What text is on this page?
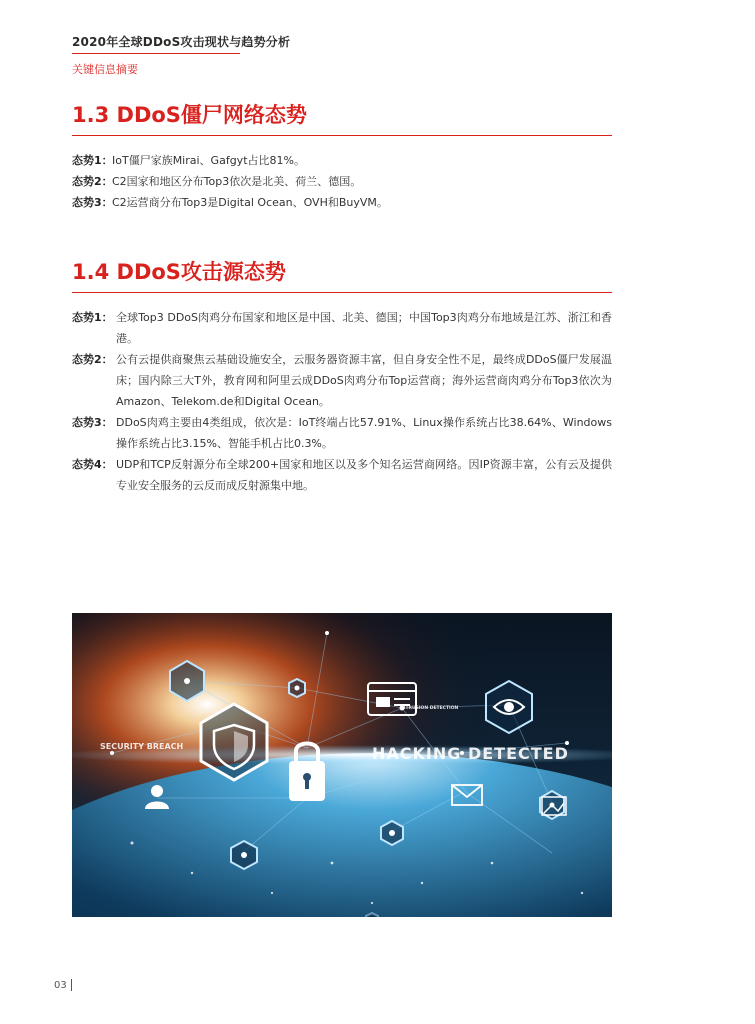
2020年全球DDoS攻击现状与趋势分析
关键信息摘要
1.3 DDoS僵尸网络态势
态势1： IoT僵尸家族Mirai、Gafgyt占比81%。
态势2： C2国家和地区分布Top3依次是北美、荷兰、德国。
态势3： C2运营商分布Top3是Digital Ocean、OVH和BuyVM。
1.4 DDoS攻击源态势
态势1： 全球Top3 DDoS肉鸡分布国家和地区是中国、北美、德国；中国Top3肉鸡分布地域是江苏、浙江和香港。
态势2： 公有云提供商聚焦云基础设施安全，云服务器资源丰富，但自身安全性不足，最终成DDoS僵尸发展温床；国内除三大T外，教育网和阿里云成DDoS肉鸡分布Top运营商；海外运营商肉鸡分布Top3依次为Amazon、Telekom.de和Digital Ocean。
态势3： DDoS肉鸡主要由4类组成，依次是：IoT终端占比57.91%、Linux操作系统占比38.64%、Windows操作系统占比3.15%、智能手机占比0.3%。
态势4： UDP和TCP反射源分布全球200+国家和地区以及多个知名运营商网络。因IP资源丰富，公有云及提供专业安全服务的云反而成反射源集中地。
SECURITY BREACH	HACKING DETECTED
INTRUSION DETECTION
03
